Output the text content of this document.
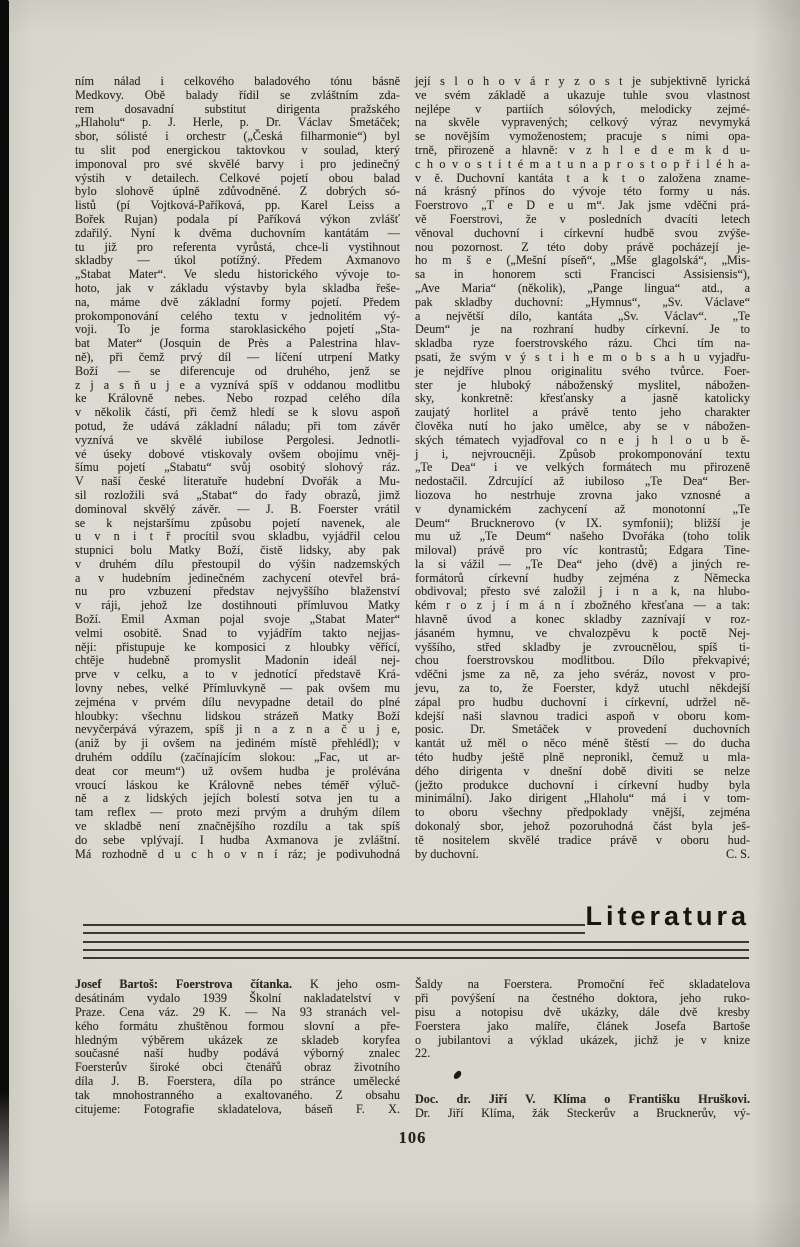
ním nálad i celkového baladového tónu básně
Medkovy. Obě balady řídil se zvláštním zda-
rem dosavadní substitut dirigenta pražského
„Hlaholu“ p. J. Herle, p. Dr. Václav Smetáček;
sbor, sólisté i orchestr („Česká filharmonie“) byl
tu slit pod energickou taktovkou v soulad, který
imponoval pro své skvělé barvy i pro jedinečný
výstih v detailech. Celkové pojetí obou balad
bylo slohově úplně zdůvodněné. Z dobrých só-
listů (pí Vojtková-Paříková, pp. Karel Leiss a
Bořek Rujan) podala pí Paříková výkon zvlášť
zdařilý. Nyní k dvěma duchovním kantátám —
tu již pro referenta vyrůstá, chce-li vystihnout
skladby — úkol potížný. Předem Axmanovo
„Stabat Mater“. Ve sledu historického vývoje to-
hoto, jak v základu výstavby byla skladba řeše-
na, máme dvě základní formy pojetí. Předem
prokomponování celého textu v jednolitém vý-
voji. To je forma staroklasického pojetí „Sta-
bat Mater“ (Josquin de Près a Palestrina hlav-
ně), při čemž prvý díl — líčení utrpení Matky
Boží — se diferencuje od druhého, jenž se
z j a s ň u j e a vyznívá spíš v oddanou modlitbu
ke Královně nebes. Nebo rozpad celého díla
v několik částí, při čemž hledí se k slovu aspoň
potud, že udává základní náladu; při tom závěr
vyznívá ve skvělé iubilose Pergolesi. Jednotli-
vé úseky dobové vtiskovaly ovšem obojímu vněj-
šímu pojetí „Stabatu“ svůj osobitý slohový ráz.
V naší české literatuře hudební Dvořák a Mu-
sil rozložili svá „Stabat“ do řady obrazů, jimž
dominoval skvělý závěr. — J. B. Foerster vrátil
se k nejstaršímu způsobu pojetí navenek, ale
u v n i t ř procítil svou skladbu, vyjádřil celou
stupnici bolu Matky Boží, čistě lidsky, aby pak
v druhém dílu přestoupil do výšin nadzemských
a v hudebním jedinečném zachycení otevřel brá-
nu pro vzbuzení představ nejvyššího blaženství
v ráji, jehož lze dostihnouti přímluvou Matky
Boží. Emil Axman pojal svoje „Stabat Mater“
velmi osobitě. Snad to vyjádřím takto nejjas-
něji: přistupuje ke komposici z hloubky věřící,
chtěje hudebně promyslit Madonin ideál nej-
prve v celku, a to v jednotící představě Krá-
lovny nebes, velké Přímluvkyně — pak ovšem mu
zejména v prvém dílu nevypadne detail do plné
hloubky: všechnu lidskou strázeň Matky Boží
nevyčerpává výrazem, spíš ji n a z n a č u j e,
(aniž by ji ovšem na jediném místě přehlédl); v
druhém oddílu (začínajícím slokou: „Fac, ut ar-
deat cor meum“) už ovšem hudba je prolévána
vroucí láskou ke Královně nebes téměř výluč-
ně a z lidských jejích bolestí sotva jen tu a
tam reflex — proto mezi prvým a druhým dílem
ve skladbě není značnějšího rozdílu a tak spíš
do sebe vplývají. I hudba Axmanova je zvláštní.
Má rozhodně d u c h o v n í ráz; je podivuhodná
její s l o h o v á r y z o s t je subjektivně lyrická
ve svém základě a ukazuje tuhle svou vlastnost
nejlépe v partiích sólových, melodicky zejmé-
na skvěle vypravených; celkový výraz nevymyká
se novějším vymoženostem; pracuje s nimi opa-
trně, přirozeně a hlavně: v z h l e d e m k d u-
c h o v o s t i t é m a t u n a p r o s t o p ř i l é h a-
v ě. Duchovní kantáta t a k t o založena zname-
ná krásný přínos do vývoje této formy u nás.
Foerstrovo „T e D e u m“. Jak jsme vděčni prá-
vě Foerstrovi, že v posledních dvacíti letech
věnoval duchovní i církevní hudbě svou zvýše-
nou pozornost. Z této doby právě pocházejí je-
ho m š e („Mešní píseň“, „Mše glagolská“, „Mis-
sa in honorem scti Francisci Assisiensis“),
„Ave Maria“ (několik), „Pange lingua“ atd., a
pak skladby duchovní: „Hymnus“, „Sv. Václave“
a největší dílo, kantáta „Sv. Václav“. „Te
Deum“ je na rozhraní hudby církevní. Je to
skladba ryze foerstrovského rázu. Chci tím na-
psati, že svým v ý s t i h e m o b s a h u vyjadřu-
je nejdříve plnou originalitu svého tvůrce. Foer-
ster je hluboký náboženský myslitel, nábožen-
sky, konkretně: křesťansky a jasně katolicky
zaujatý horlitel a právě tento jeho charakter
člověka nutí ho jako umělce, aby se v nábožen-
ských tématech vyjadřoval co n e j h l o u b ě-
j i, nejvroucněji. Způsob prokomponování textu
„Te Dea“ i ve velkých formátech mu přirozeně
nedostačil. Zdrcující až iubiloso „Te Dea“ Ber-
liozova ho nestrhuje zrovna jako vznosné a
v dynamickém zachycení až monotonní „Te
Deum“ Brucknerovo (v IX. symfonii); bližší je
mu už „Te Deum“ našeho Dvořáka (toho tolik
miloval) právě pro víc kontrastů; Edgara Tine-
la si vážil — „Te Dea“ jeho (dvě) a jiných re-
formátorů církevní hudby zejména z Německa
obdivoval; přesto své založil j i n a k, na hlubo-
kém r o z j í m á n í zbožného křesťana — a tak:
hlavně úvod a konec skladby zaznívají v roz-
jásaném hymnu, ve chvalozpěvu k poctě Nej-
vyššího, střed skladby je zvroucnělou, spíš ti-
chou foerstrovskou modlitbou. Dílo překvapivé;
vděčni jsme za ně, za jeho svéráz, novost v pro-
jevu, za to, že Foerster, když utuchl někdejší
zápal pro hudbu duchovní i církevní, udržel ně-
kdejší naši slavnou tradici aspoň v oboru kom-
posic. Dr. Smetáček v provedení duchovních
kantát už měl o něco méně štěstí — do ducha
této hudby ještě plně nepronikl, čemuž u mla-
dého dirigenta v dnešní době diviti se nelze
(ježto produkce duchovní i církevní hudby byla
minimální). Jako dirigent „Hlaholu“ má i v tom-
to oboru všechny předpoklady vnější, zejména
dokonalý sbor, jehož pozoruhodná část byla ješ-
tě nositelem skvělé tradice právě v oboru hud-
by duchovní.	C. S.
Literatura
Josef Bartoš: Foerstrova čítanka. K jeho osm-
desátinám vydalo 1939 Školní nakladatelství v
Praze. Cena váz. 29 K. — Na 93 stranách vel-
kého formátu zhuštěnou formou slovní a pře-
hledným výběrem ukázek ze skladeb koryfea
současné naší hudby podává výborný znalec
Foersterův široké obci čtenářů obraz životního
díla J. B. Foerstera, díla po stránce umělecké
tak mnohostranného a exaltovaného. Z obsahu
citujeme: Fotografie skladatelova, báseň F. X.
Šaldy na Foerstera. Promoční řeč skladatelova
při povýšení na čestného doktora, jeho ruko-
pisu a notopisu dvě ukázky, dále dvě kresby
Foerstera jako malíře, článek Josefa Bartoše
o jubilantovi a výklad ukázek, jichž je v knize
22.
Doc. dr. Jiří V. Klíma o Františku Hruškovi.
Dr. Jiří Klíma, žák Steckerův a Brucknerův, vý-
106
